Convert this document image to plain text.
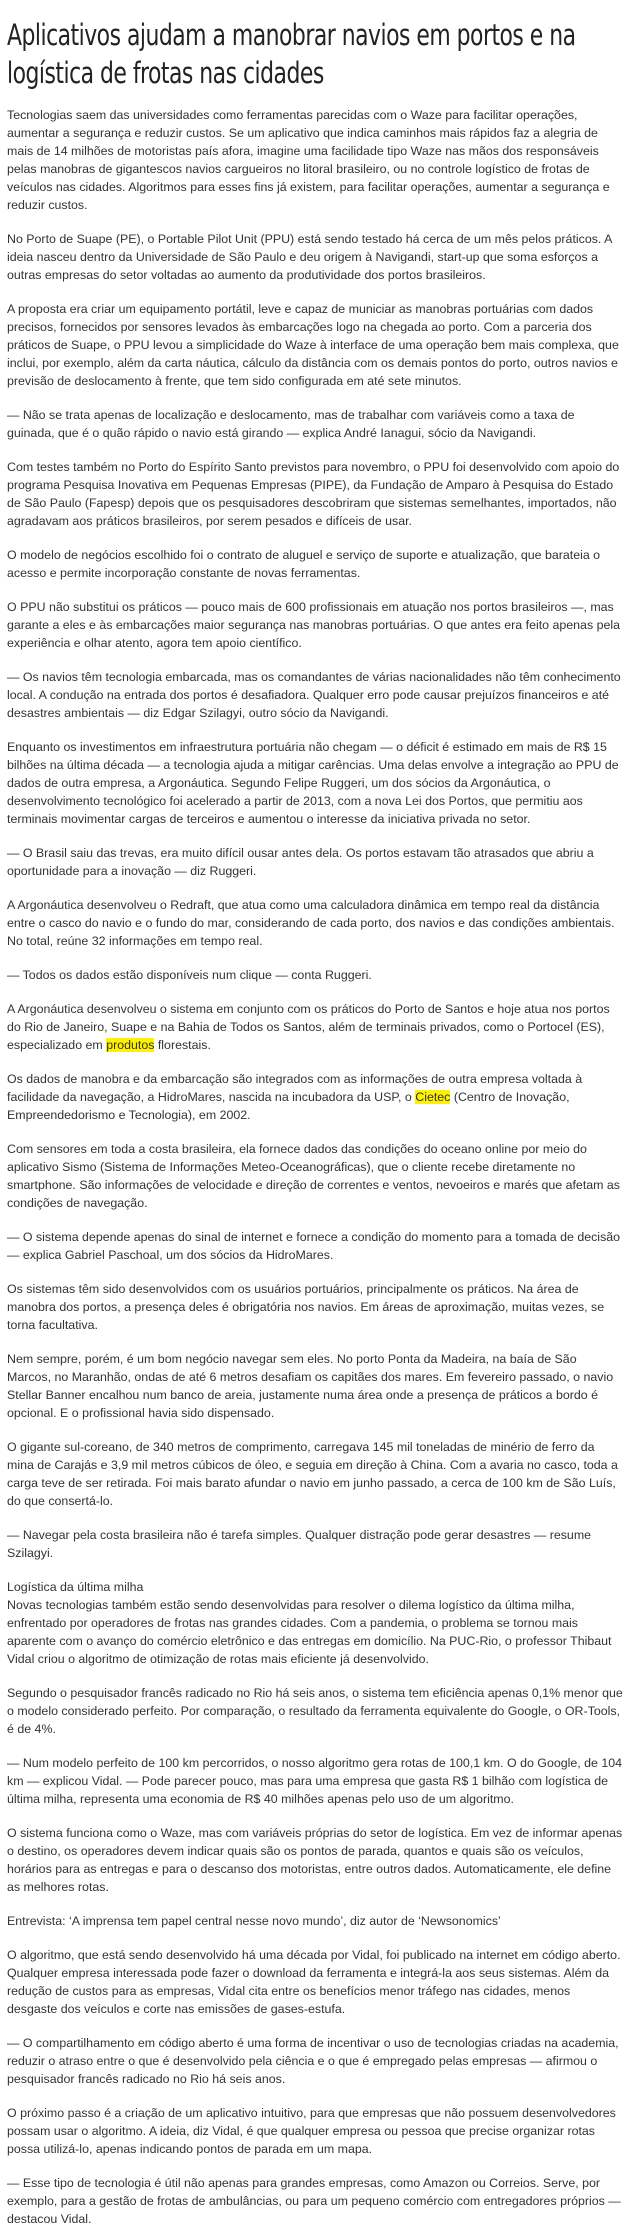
Aplicativos ajudam a manobrar navios em portos e na logística de frotas nas cidades

Tecnologias saem das universidades como ferramentas parecidas com o Waze para facilitar operações, aumentar a segurança e reduzir custos. Se um aplicativo que indica caminhos mais rápidos faz a alegria de mais de 14 milhões de motoristas país afora, imagine uma facilidade tipo Waze nas mãos dos responsáveis pelas manobras de gigantescos navios cargueiros no litoral brasileiro, ou no controle logístico de frotas de veículos nas cidades. Algoritmos para esses fins já existem, para facilitar operações, aumentar a segurança e reduzir custos.

No Porto de Suape (PE), o Portable Pilot Unit (PPU) está sendo testado há cerca de um mês pelos práticos. A ideia nasceu dentro da Universidade de São Paulo e deu origem à Navigandi, start-up que soma esforços a outras empresas do setor voltadas ao aumento da produtividade dos portos brasileiros.

A proposta era criar um equipamento portátil, leve e capaz de municiar as manobras portuárias com dados precisos, fornecidos por sensores levados às embarcações logo na chegada ao porto. Com a parceria dos práticos de Suape, o PPU levou a simplicidade do Waze à interface de uma operação bem mais complexa, que inclui, por exemplo, além da carta náutica, cálculo da distância com os demais pontos do porto, outros navios e previsão de deslocamento à frente, que tem sido configurada em até sete minutos.

— Não se trata apenas de localização e deslocamento, mas de trabalhar com variáveis como a taxa de guinada, que é o quão rápido o navio está girando — explica André Ianagui, sócio da Navigandi.

Com testes também no Porto do Espírito Santo previstos para novembro, o PPU foi desenvolvido com apoio do programa Pesquisa Inovativa em Pequenas Empresas (PIPE), da Fundação de Amparo à Pesquisa do Estado de São Paulo (Fapesp) depois que os pesquisadores descobriram que sistemas semelhantes, importados, não agradavam aos práticos brasileiros, por serem pesados e difíceis de usar.

O modelo de negócios escolhido foi o contrato de aluguel e serviço de suporte e atualização, que barateia o acesso e permite incorporação constante de novas ferramentas.

O PPU não substitui os práticos — pouco mais de 600 profissionais em atuação nos portos brasileiros —, mas garante a eles e às embarcações maior segurança nas manobras portuárias. O que antes era feito apenas pela experiência e olhar atento, agora tem apoio científico.

— Os navios têm tecnologia embarcada, mas os comandantes de várias nacionalidades não têm conhecimento local. A condução na entrada dos portos é desafiadora. Qualquer erro pode causar prejuízos financeiros e até desastres ambientais — diz Edgar Szilagyi, outro sócio da Navigandi.

Enquanto os investimentos em infraestrutura portuária não chegam — o déficit é estimado em mais de R$ 15 bilhões na última década — a tecnologia ajuda a mitigar carências. Uma delas envolve a integração ao PPU de dados de outra empresa, a Argonáutica. Segundo Felipe Ruggeri, um dos sócios da Argonáutica, o desenvolvimento tecnológico foi acelerado a partir de 2013, com a nova Lei dos Portos, que permitiu aos terminais movimentar cargas de terceiros e aumentou o interesse da iniciativa privada no setor.

— O Brasil saiu das trevas, era muito difícil ousar antes dela. Os portos estavam tão atrasados que abriu a oportunidade para a inovação — diz Ruggeri.

A Argonáutica desenvolveu o Redraft, que atua como uma calculadora dinâmica em tempo real da distância entre o casco do navio e o fundo do mar, considerando de cada porto, dos navios e das condições ambientais. No total, reúne 32 informações em tempo real.

— Todos os dados estão disponíveis num clique — conta Ruggeri.

A Argonáutica desenvolveu o sistema em conjunto com os práticos do Porto de Santos e hoje atua nos portos do Rio de Janeiro, Suape e na Bahia de Todos os Santos, além de terminais privados, como o Portocel (ES), especializado em produtos florestais.

Os dados de manobra e da embarcação são integrados com as informações de outra empresa voltada à facilidade da navegação, a HidroMares, nascida na incubadora da USP, o Cietec (Centro de Inovação, Empreendedorismo e Tecnologia), em 2002.

Com sensores em toda a costa brasileira, ela fornece dados das condições do oceano online por meio do aplicativo Sismo (Sistema de Informações Meteo-Oceanográficas), que o cliente recebe diretamente no smartphone. São informações de velocidade e direção de correntes e ventos, nevoeiros e marés que afetam as condições de navegação.

— O sistema depende apenas do sinal de internet e fornece a condição do momento para a tomada de decisão — explica Gabriel Paschoal, um dos sócios da HidroMares.

Os sistemas têm sido desenvolvidos com os usuários portuários, principalmente os práticos. Na área de manobra dos portos, a presença deles é obrigatória nos navios. Em áreas de aproximação, muitas vezes, se torna facultativa.

Nem sempre, porém, é um bom negócio navegar sem eles. No porto Ponta da Madeira, na baía de São Marcos, no Maranhão, ondas de até 6 metros desafiam os capitães dos mares. Em fevereiro passado, o navio Stellar Banner encalhou num banco de areia, justamente numa área onde a presença de práticos a bordo é opcional. E o profissional havia sido dispensado.

O gigante sul-coreano, de 340 metros de comprimento, carregava 145 mil toneladas de minério de ferro da mina de Carajás e 3,9 mil metros cúbicos de óleo, e seguia em direção à China. Com a avaria no casco, toda a carga teve de ser retirada. Foi mais barato afundar o navio em junho passado, a cerca de 100 km de São Luís, do que consertá-lo.

— Navegar pela costa brasileira não é tarefa simples. Qualquer distração pode gerar desastres — resume Szilagyi.

Logística da última milha
Novas tecnologias também estão sendo desenvolvidas para resolver o dilema logístico da última milha, enfrentado por operadores de frotas nas grandes cidades. Com a pandemia, o problema se tornou mais aparente com o avanço do comércio eletrônico e das entregas em domicílio. Na PUC-Rio, o professor Thibaut Vidal criou o algoritmo de otimização de rotas mais eficiente já desenvolvido.

Segundo o pesquisador francês radicado no Rio há seis anos, o sistema tem eficiência apenas 0,1% menor que o modelo considerado perfeito. Por comparação, o resultado da ferramenta equivalente do Google, o OR-Tools, é de 4%.

— Num modelo perfeito de 100 km percorridos, o nosso algoritmo gera rotas de 100,1 km. O do Google, de 104 km — explicou Vidal. — Pode parecer pouco, mas para uma empresa que gasta R$ 1 bilhão com logística de última milha, representa uma economia de R$ 40 milhões apenas pelo uso de um algoritmo.

O sistema funciona como o Waze, mas com variáveis próprias do setor de logística. Em vez de informar apenas o destino, os operadores devem indicar quais são os pontos de parada, quantos e quais são os veículos, horários para as entregas e para o descanso dos motoristas, entre outros dados. Automaticamente, ele define as melhores rotas.

Entrevista: ‘A imprensa tem papel central nesse novo mundo’, diz autor de ‘Newsonomics’

O algoritmo, que está sendo desenvolvido há uma década por Vidal, foi publicado na internet em código aberto. Qualquer empresa interessada pode fazer o download da ferramenta e integrá-la aos seus sistemas. Além da redução de custos para as empresas, Vidal cita entre os benefícios menor tráfego nas cidades, menos desgaste dos veículos e corte nas emissões de gases-estufa.

— O compartilhamento em código aberto é uma forma de incentivar o uso de tecnologias criadas na academia, reduzir o atraso entre o que é desenvolvido pela ciência e o que é empregado pelas empresas — afirmou o pesquisador francês radicado no Rio há seis anos.

O próximo passo é a criação de um aplicativo intuitivo, para que empresas que não possuem desenvolvedores possam usar o algoritmo. A ideia, diz Vidal, é que qualquer empresa ou pessoa que precise organizar rotas possa utilizá-lo, apenas indicando pontos de parada em um mapa.

— Esse tipo de tecnologia é útil não apenas para grandes empresas, como Amazon ou Correios. Serve, por exemplo, para a gestão de frotas de ambulâncias, ou para um pequeno comércio com entregadores próprios — destacou Vidal.
